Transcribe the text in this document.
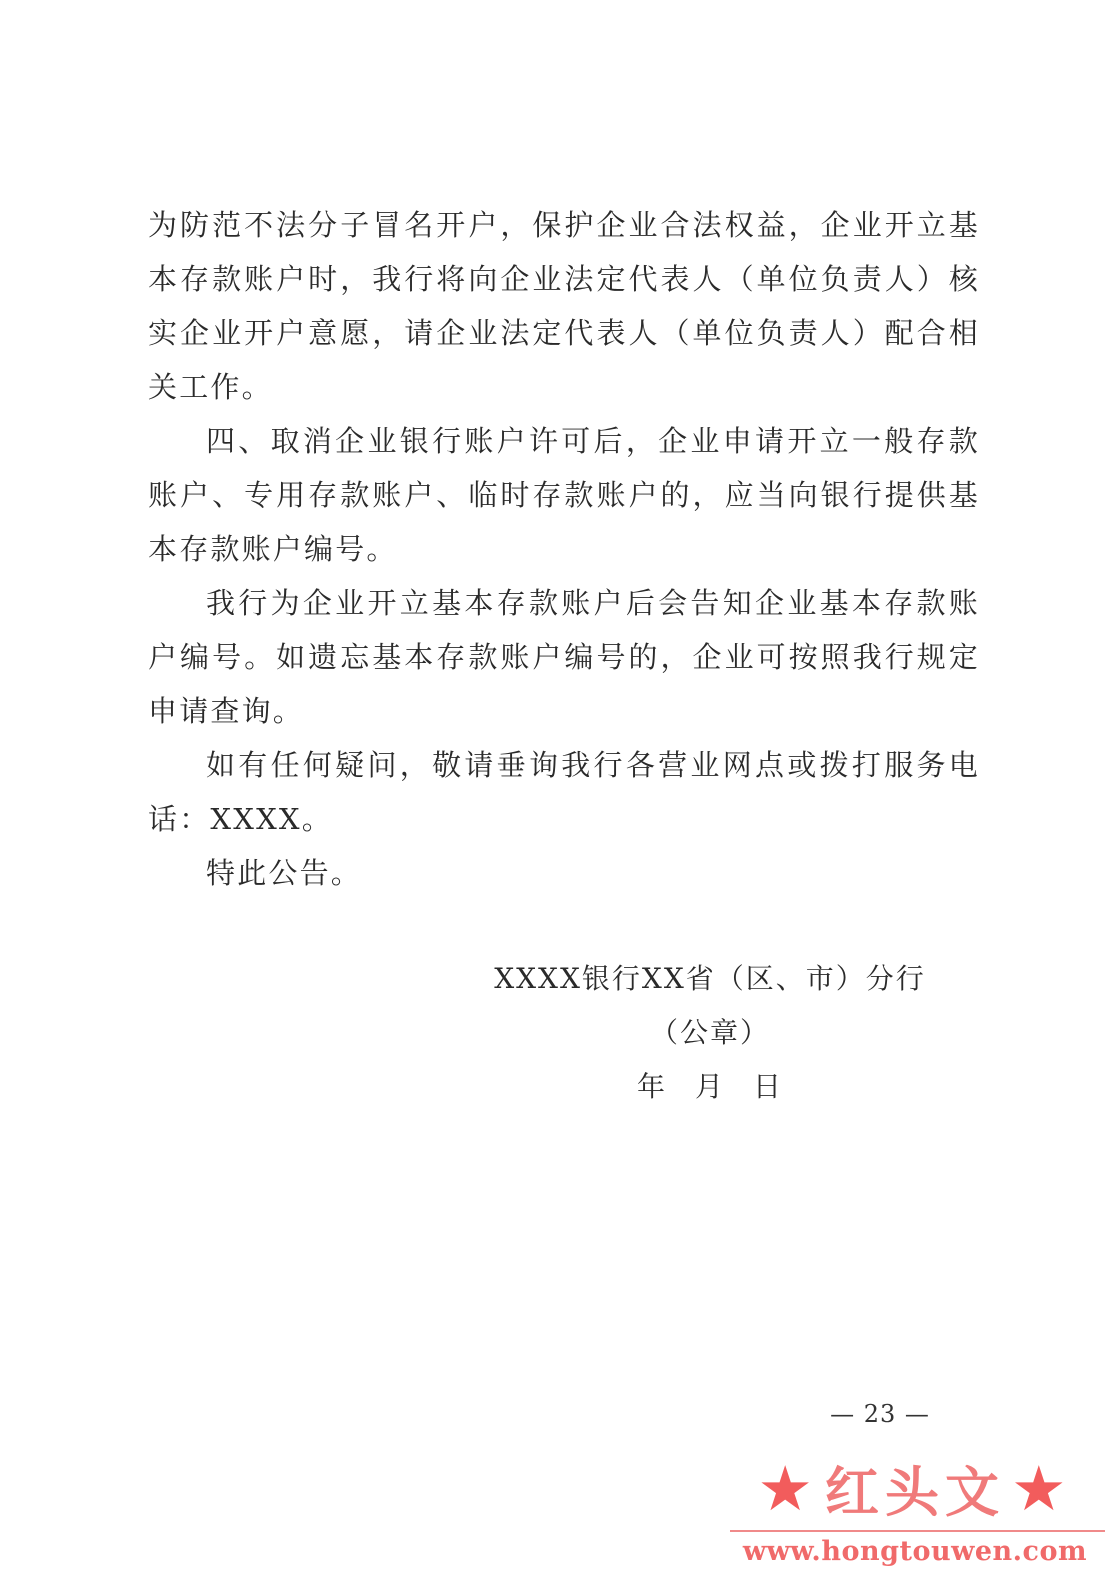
为防范不法分子冒名开户，保护企业合法权益，企业开立基本存款账户时，我行将向企业法定代表人（单位负责人）核实企业开户意愿，请企业法定代表人（单位负责人）配合相关工作。

四、取消企业银行账户许可后，企业申请开立一般存款账户、专用存款账户、临时存款账户的，应当向银行提供基本存款账户编号。

我行为企业开立基本存款账户后会告知企业基本存款账户编号。如遗忘基本存款账户编号的，企业可按照我行规定申请查询。

如有任何疑问，敬请垂询我行各营业网点或拨打服务电话：XXXX。

特此公告。

XXXX银行XX省（区、市）分行
（公章）
年 月 日
— 23 —
★ 红头文 ★
www.hongtouwen.com
